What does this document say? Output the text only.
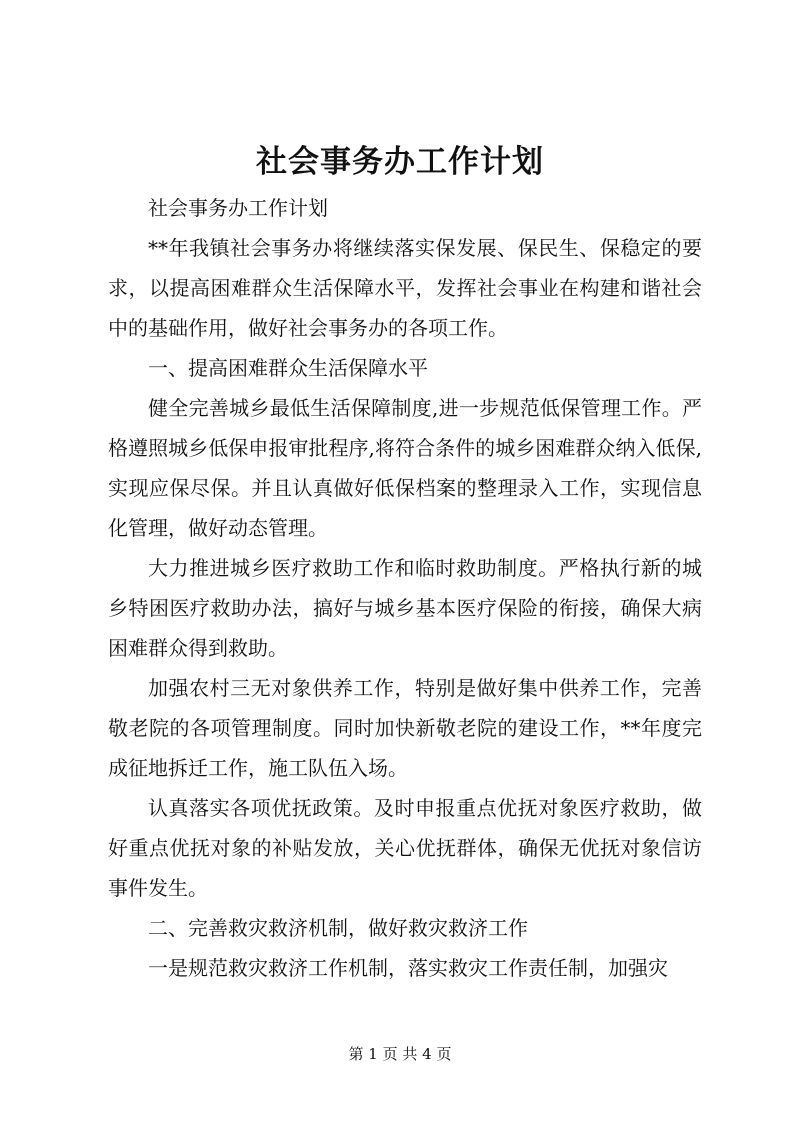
社会事务办工作计划

社会事务办工作计划

**年我镇社会事务办将继续落实保发展、保民生、保稳定的要求，以提高困难群众生活保障水平，发挥社会事业在构建和谐社会中的基础作用，做好社会事务办的各项工作。

一、提高困难群众生活保障水平

健全完善城乡最低生活保障制度,进一步规范低保管理工作。严格遵照城乡低保申报审批程序,将符合条件的城乡困难群众纳入低保,实现应保尽保。并且认真做好低保档案的整理录入工作，实现信息化管理，做好动态管理。

大力推进城乡医疗救助工作和临时救助制度。严格执行新的城乡特困医疗救助办法，搞好与城乡基本医疗保险的衔接，确保大病困难群众得到救助。

加强农村三无对象供养工作，特别是做好集中供养工作，完善敬老院的各项管理制度。同时加快新敬老院的建设工作，**年度完成征地拆迁工作，施工队伍入场。

认真落实各项优抚政策。及时申报重点优抚对象医疗救助，做好重点优抚对象的补贴发放，关心优抚群体，确保无优抚对象信访事件发生。

二、完善救灾救济机制，做好救灾救济工作

一是规范救灾救济工作机制，落实救灾工作责任制，加强灾

第 1 页 共 4 页
